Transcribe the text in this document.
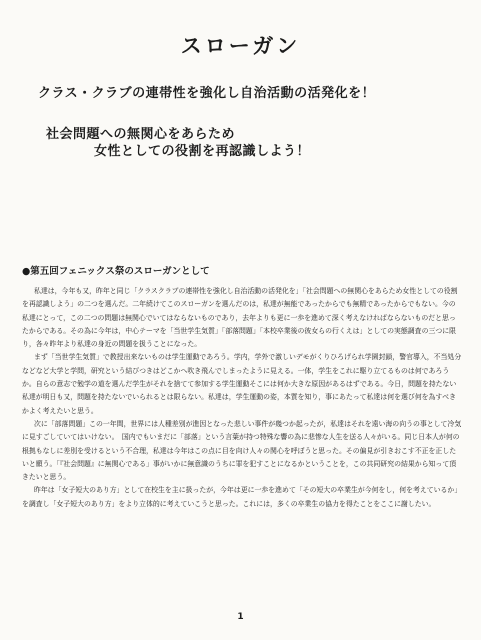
スローガン
クラス・クラブの連帯性を強化し自治活動の活発化を！
社会問題への無関心をあらため
女性としての役割を再認識しよう！
●第五回フェニックス祭のスローガンとして

私達は，今年も又，昨年と同じ「クラスクラブの連帯性を強化し自治活動の活発化を」「社会問題への無関心をあらため女性としての役割を再認識しよう」の二つを選んだ。二年続けてこのスローガンを選んだのは，私達が無能であったからでも無精であったからでもない。今の私達にとって，この二つの問題は無関心でいてはならないものであり，去年よりも更に一歩を進めて深く考えなければならないものだと思ったからである。その為に今年は，中心テーマを「当世学生気質」「部落問題」「本校卒業後の彼女らの行くえは」としての実態調査の三つに限り，各々昨年より私達の身近の問題を扱うことになった。

まず「当世学生気質」で教授出来ないものは学生運動であろう。学内，学外で激しいデモがくりひろげられ学園封鎖，警官導入，不当処分などなど大学と学問，研究という結びつきはどこかへ吹き飛んでしまったように見える。一体，学生をこれに駆り立てるものは何であろうか。自らの意志で勉学の道を選んだ学生がそれを捨てて参加する学生運動そこには何か大きな原因があるはずである。今日，問題を持たない私達が明日も又，問題を持たないでいられるとは限らない。私達は，学生運動の姿，本質を知り，事にあたって私達は何を選び何を為すべきかよく考えたいと思う。

次に「部落問題」この一年間，世界には人種差別が進因となった悲しい事件が幾つか起ったが，私達はそれを遠い海の向うの事として冷気に見すごしていてはいけない。　国内でもいまだに「部落」という言葉が持つ特殊な響の為に悲惨な人生を送る人々がいる。同じ日本人が何の根拠もなしに差別を受けるという不合理，私達は今年はこの点に目を向け人々の関心を呼ぼうと思った。その偏見が引きおこす不正を正したいと願う。「『社会問題』に無関心である」事がいかに無意識のうちに罪を犯すことになるかということを，この共同研究の結果から知って頂きたいと思う。

昨年は「女子短大のあり方」として在校生を主に扱ったが，今年は更に一歩を進めて「その短大の卒業生が今何をし，何を考えているか」を調査し「女子短大のあり方」をより立体的に考えていこうと思った。これには，多くの卒業生の協力を得たことをここに謝したい。

1
